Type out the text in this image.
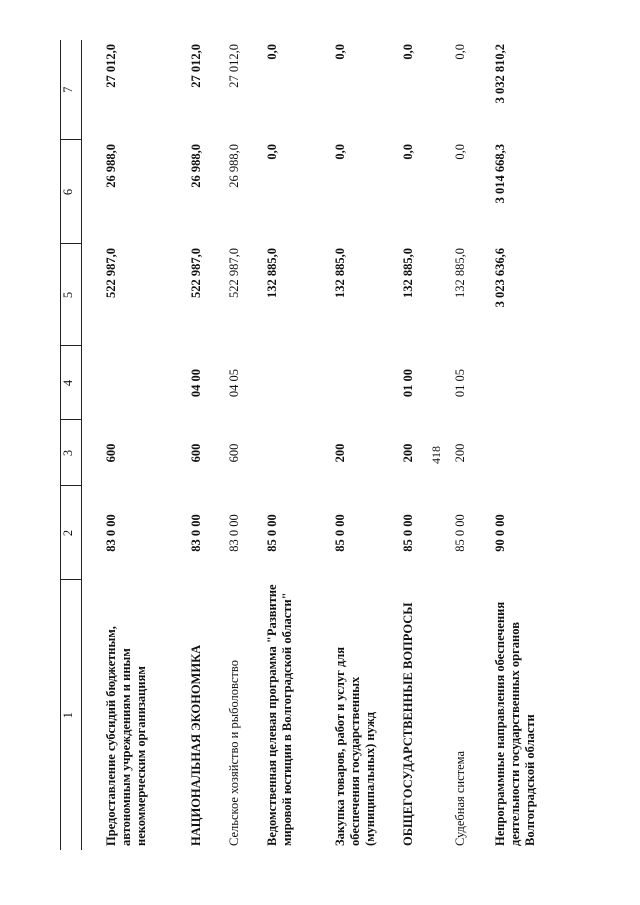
418
1	2	3	4	5	6	7

Предоставление субсидий бюджетным, автономным учреждениям и иным некоммерческим организациям	83 0 00	600		522 987,0	26 988,0	27 012,0
НАЦИОНАЛЬНАЯ ЭКОНОМИКА	83 0 00	600	04 00	522 987,0	26 988,0	27 012,0
Сельское хозяйство и рыболовство	83 0 00	600	04 05	522 987,0	26 988,0	27 012,0
Ведомственная целевая программа "Развитие мировой юстиции в Волгоградской области"	85 0 00			132 885,0	0,0	0,0
Закупка товаров, работ и услуг для обеспечения государственных (муниципальных) нужд	85 0 00	200		132 885,0	0,0	0,0
ОБЩЕГОСУДАРСТВЕННЫЕ ВОПРОСЫ	85 0 00	200	01 00	132 885,0	0,0	0,0
Судебная система	85 0 00	200	01 05	132 885,0	0,0	0,0
Непрограммные направления обеспечения деятельности государственных органов Волгоградской области	90 0 00			3 023 636,6	3 014 668,3	3 032 810,2
